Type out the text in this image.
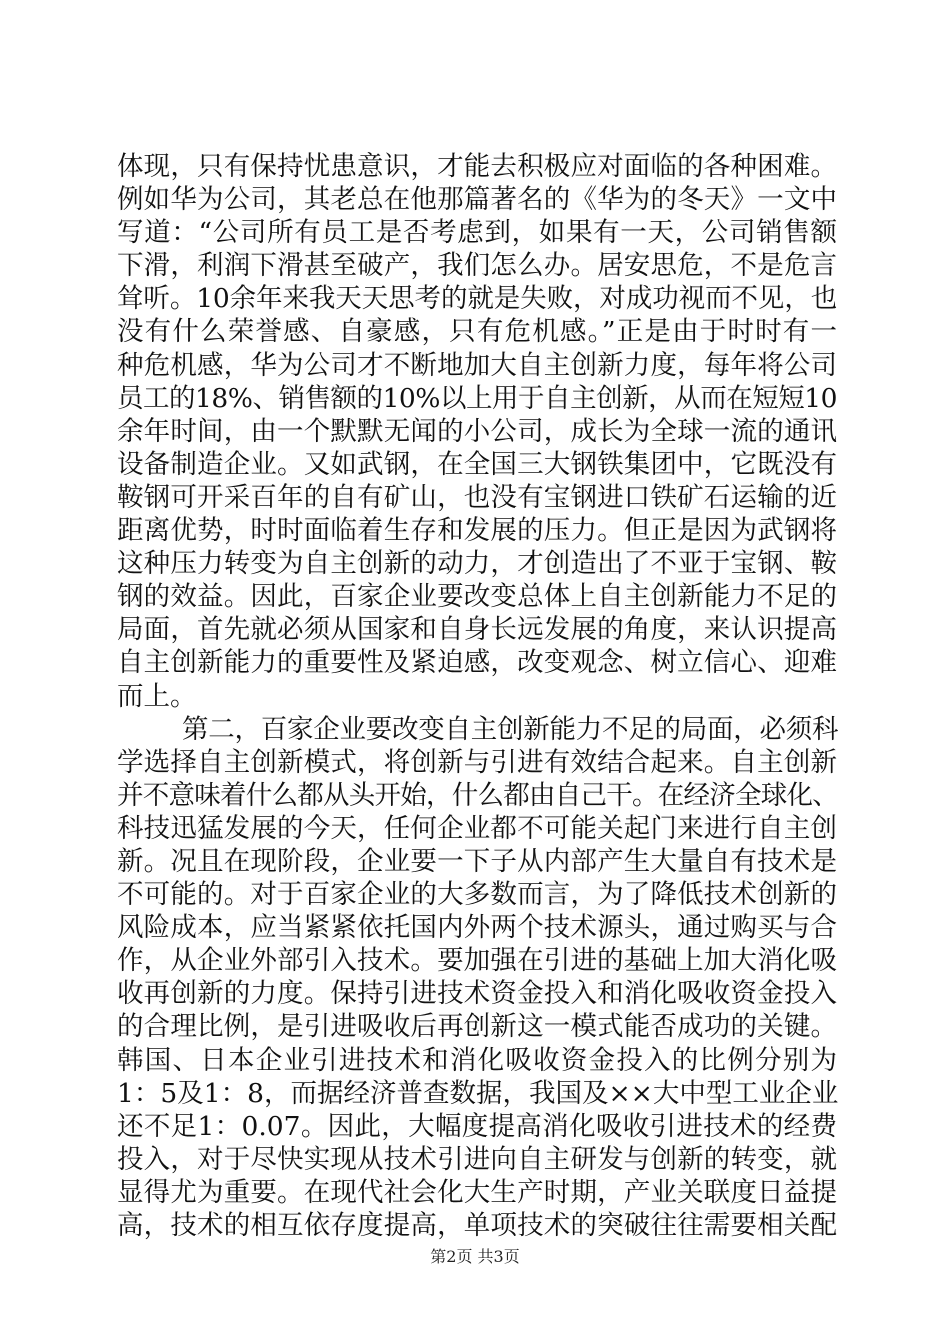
体现，只有保持忧患意识，才能去积极应对面临的各种困难。
例如华为公司，其老总在他那篇著名的《华为的冬天》一文中
写道：“公司所有员工是否考虑到，如果有一天，公司销售额
下滑，利润下滑甚至破产，我们怎么办。居安思危，不是危言
耸听。10余年来我天天思考的就是失败，对成功视而不见，也
没有什么荣誉感、自豪感，只有危机感。”正是由于时时有一
种危机感，华为公司才不断地加大自主创新力度，每年将公司
员工的18%、销售额的10%以上用于自主创新，从而在短短10
余年时间，由一个默默无闻的小公司，成长为全球一流的通讯
设备制造企业。又如武钢，在全国三大钢铁集团中，它既没有
鞍钢可开采百年的自有矿山，也没有宝钢进口铁矿石运输的近
距离优势，时时面临着生存和发展的压力。但正是因为武钢将
这种压力转变为自主创新的动力，才创造出了不亚于宝钢、鞍
钢的效益。因此，百家企业要改变总体上自主创新能力不足的
局面，首先就必须从国家和自身长远发展的角度，来认识提高
自主创新能力的重要性及紧迫感，改变观念、树立信心、迎难
而上。
第二，百家企业要改变自主创新能力不足的局面，必须科
学选择自主创新模式，将创新与引进有效结合起来。自主创新
并不意味着什么都从头开始，什么都由自己干。在经济全球化、
科技迅猛发展的今天，任何企业都不可能关起门来进行自主创
新。况且在现阶段，企业要一下子从内部产生大量自有技术是
不可能的。对于百家企业的大多数而言，为了降低技术创新的
风险成本，应当紧紧依托国内外两个技术源头，通过购买与合
作，从企业外部引入技术。要加强在引进的基础上加大消化吸
收再创新的力度。保持引进技术资金投入和消化吸收资金投入
的合理比例，是引进吸收后再创新这一模式能否成功的关键。
韩国、日本企业引进技术和消化吸收资金投入的比例分别为
1：5及1：8，而据经济普查数据，我国及××大中型工业企业
还不足1：0.07。因此，大幅度提高消化吸收引进技术的经费
投入，对于尽快实现从技术引进向自主研发与创新的转变，就
显得尤为重要。在现代社会化大生产时期，产业关联度日益提
高，技术的相互依存度提高，单项技术的突破往往需要相关配
第2页 共3页
